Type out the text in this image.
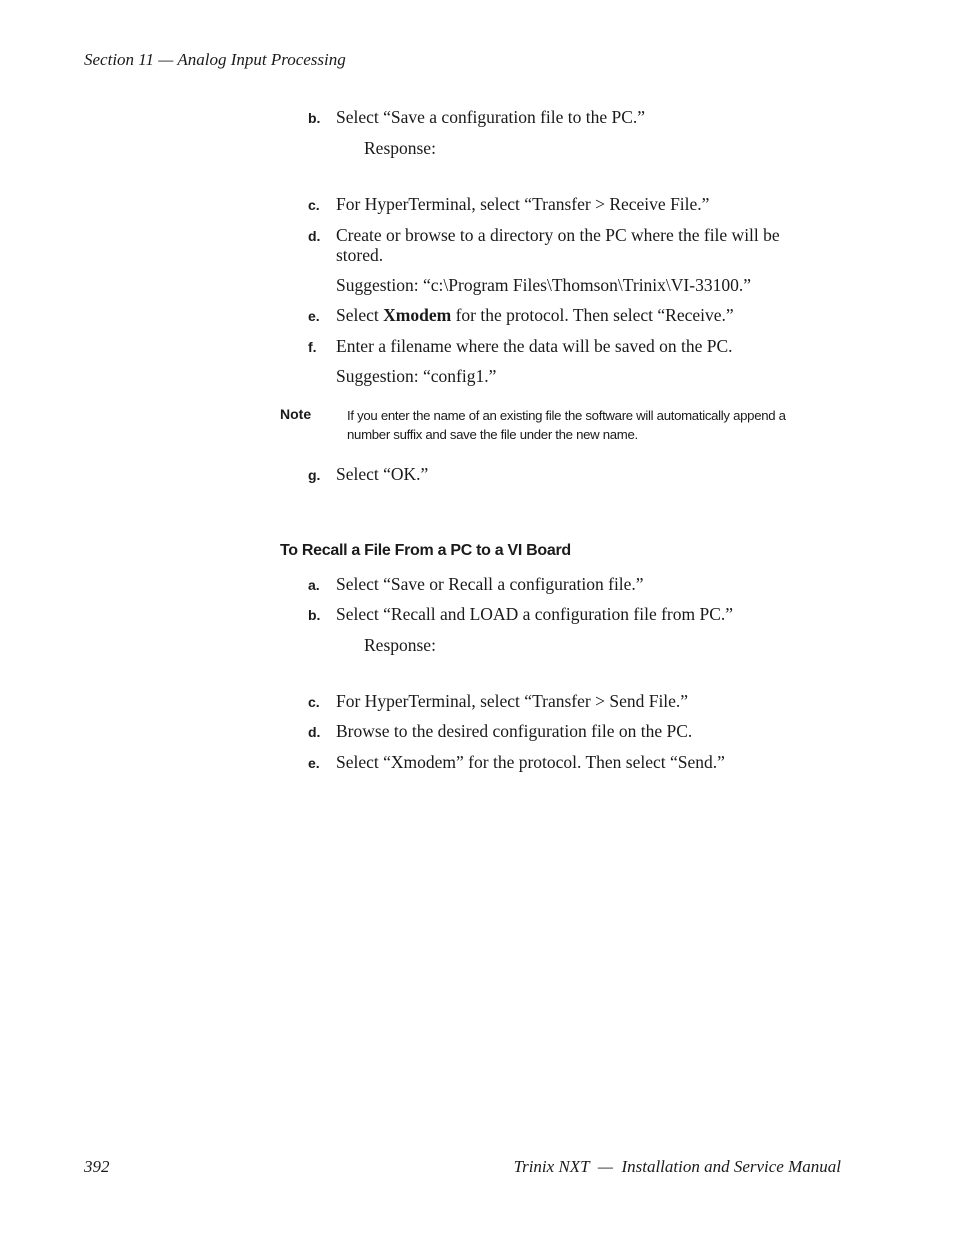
Section 11 — Analog Input Processing
b. Select “Save a configuration file to the PC.”
Response:
c. For HyperTerminal, select “Transfer > Receive File.”
d. Create or browse to a directory on the PC where the file will be stored.
Suggestion: “c:\Program Files\Thomson\Trinix\VI-33100.”
e. Select Xmodem for the protocol. Then select “Receive.”
f.	Enter a filename where the data will be saved on the PC.
Suggestion: “config1.”
Note	If you enter the name of an existing file the software will automatically append a number suffix and save the file under the new name.
g. Select “OK.”
To Recall a File From a PC to a VI Board
a. Select “Save or Recall a configuration file.”
b. Select “Recall and LOAD a configuration file from PC.”
Response:
c. For HyperTerminal, select “Transfer > Send File.”
d. Browse to the desired configuration file on the PC.
e. Select “Xmodem” for the protocol. Then select “Send.”
392	Trinix NXT  —  Installation and Service Manual
